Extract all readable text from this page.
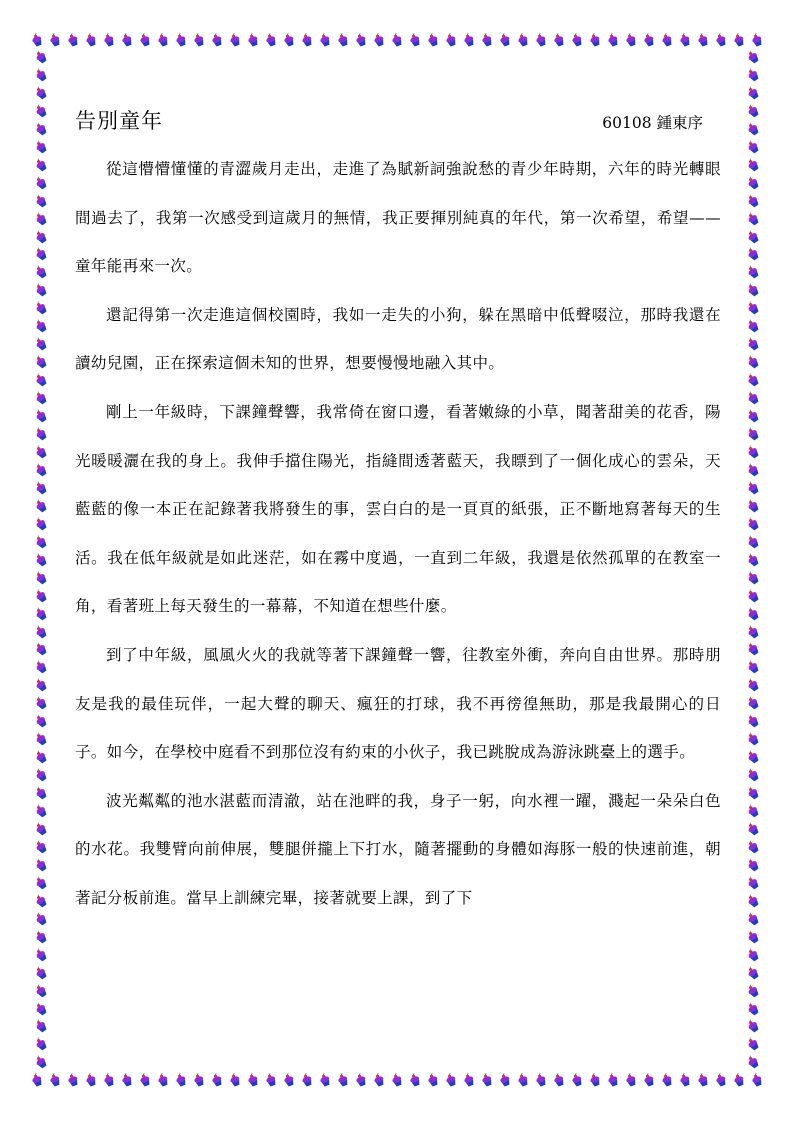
告別童年	60108 鍾東序

從這懵懵懂懂的青澀歲月走出，走進了為賦新詞強說愁的青少年時期，六年的時光轉眼間過去了，我第一次感受到這歲月的無情，我正要揮別純真的年代，第一次希望，希望——童年能再來一次。

還記得第一次走進這個校園時，我如一走失的小狗，躲在黑暗中低聲啜泣，那時我還在讀幼兒園，正在探索這個未知的世界，想要慢慢地融入其中。

剛上一年級時，下課鐘聲響，我常倚在窗口邊，看著嫩綠的小草，聞著甜美的花香，陽光暖暖灑在我的身上。我伸手擋住陽光，指縫間透著藍天，我瞟到了一個化成心的雲朵，天藍藍的像一本正在記錄著我將發生的事，雲白白的是一頁頁的紙張，正不斷地寫著每天的生活。我在低年級就是如此迷茫，如在霧中度過，一直到二年級，我還是依然孤單的在教室一角，看著班上每天發生的一幕幕，不知道在想些什麼。

到了中年級，風風火火的我就等著下課鐘聲一響，往教室外衝，奔向自由世界。那時朋友是我的最佳玩伴，一起大聲的聊天、瘋狂的打球，我不再徬徨無助，那是我最開心的日子。如今，在學校中庭看不到那位沒有約束的小伙子，我已跳脫成為游泳跳臺上的選手。

波光粼粼的池水湛藍而清澈，站在池畔的我，身子一躬，向水裡一躍，濺起一朵朵白色的水花。我雙臂向前伸展，雙腿併攏上下打水，隨著擺動的身體如海豚一般的快速前進，朝著記分板前進。當早上訓練完畢，接著就要上課，到了下
